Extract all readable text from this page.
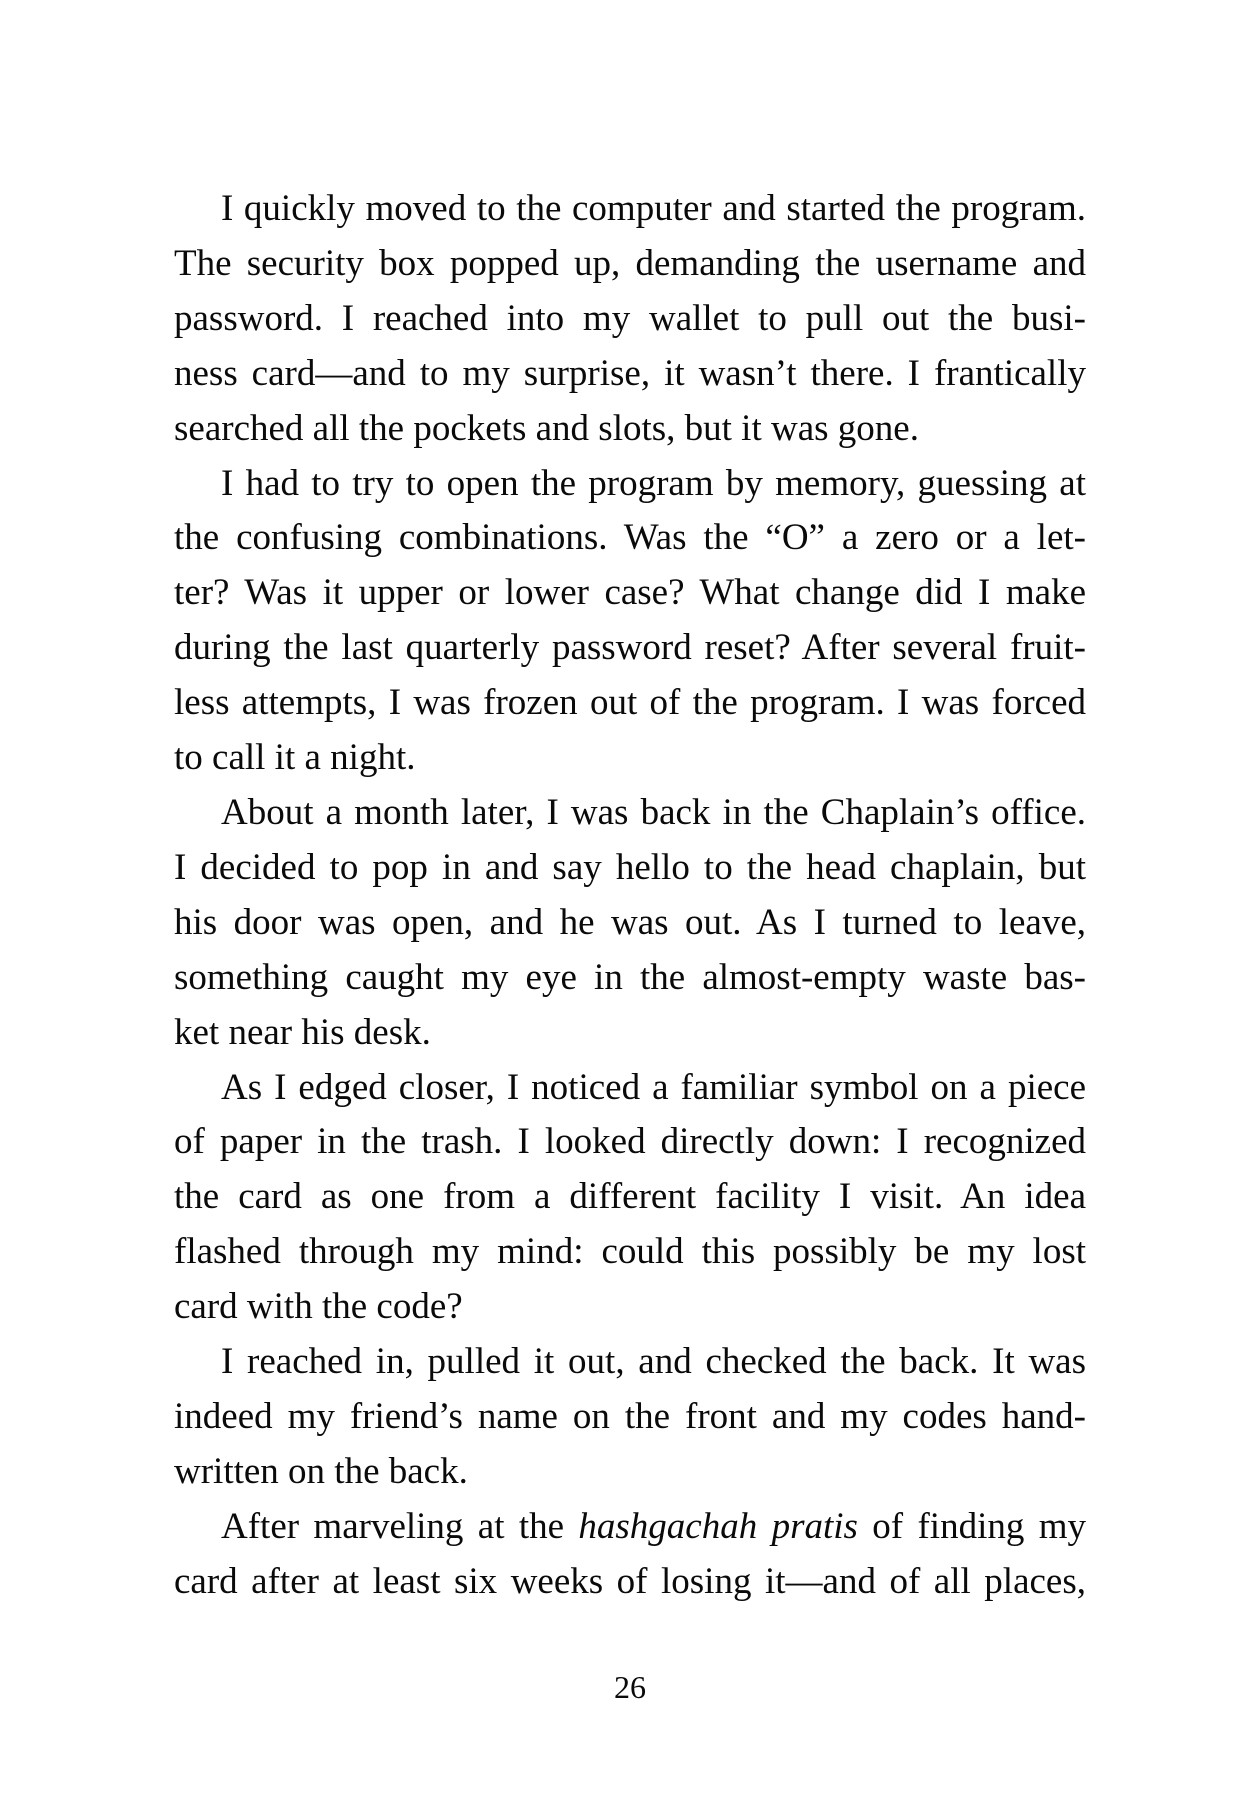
I quickly moved to the computer and started the program.
The security box popped up, demanding the username and
password. I reached into my wallet to pull out the busi-
ness card—and to my surprise, it wasn’t there. I frantically
searched all the pockets and slots, but it was gone.
I had to try to open the program by memory, guessing at
the confusing combinations. Was the “O” a zero or a let-
ter? Was it upper or lower case? What change did I make
during the last quarterly password reset? After several fruit-
less attempts, I was frozen out of the program. I was forced
to call it a night.
About a month later, I was back in the Chaplain’s office.
I decided to pop in and say hello to the head chaplain, but
his door was open, and he was out. As I turned to leave,
something caught my eye in the almost-empty waste bas-
ket near his desk.
As I edged closer, I noticed a familiar symbol on a piece
of paper in the trash. I looked directly down: I recognized
the card as one from a different facility I visit. An idea
flashed through my mind: could this possibly be my lost
card with the code?
I reached in, pulled it out, and checked the back. It was
indeed my friend’s name on the front and my codes hand-
written on the back.
After marveling at the hashgachah pratis of finding my
card after at least six weeks of losing it—and of all places,
26
